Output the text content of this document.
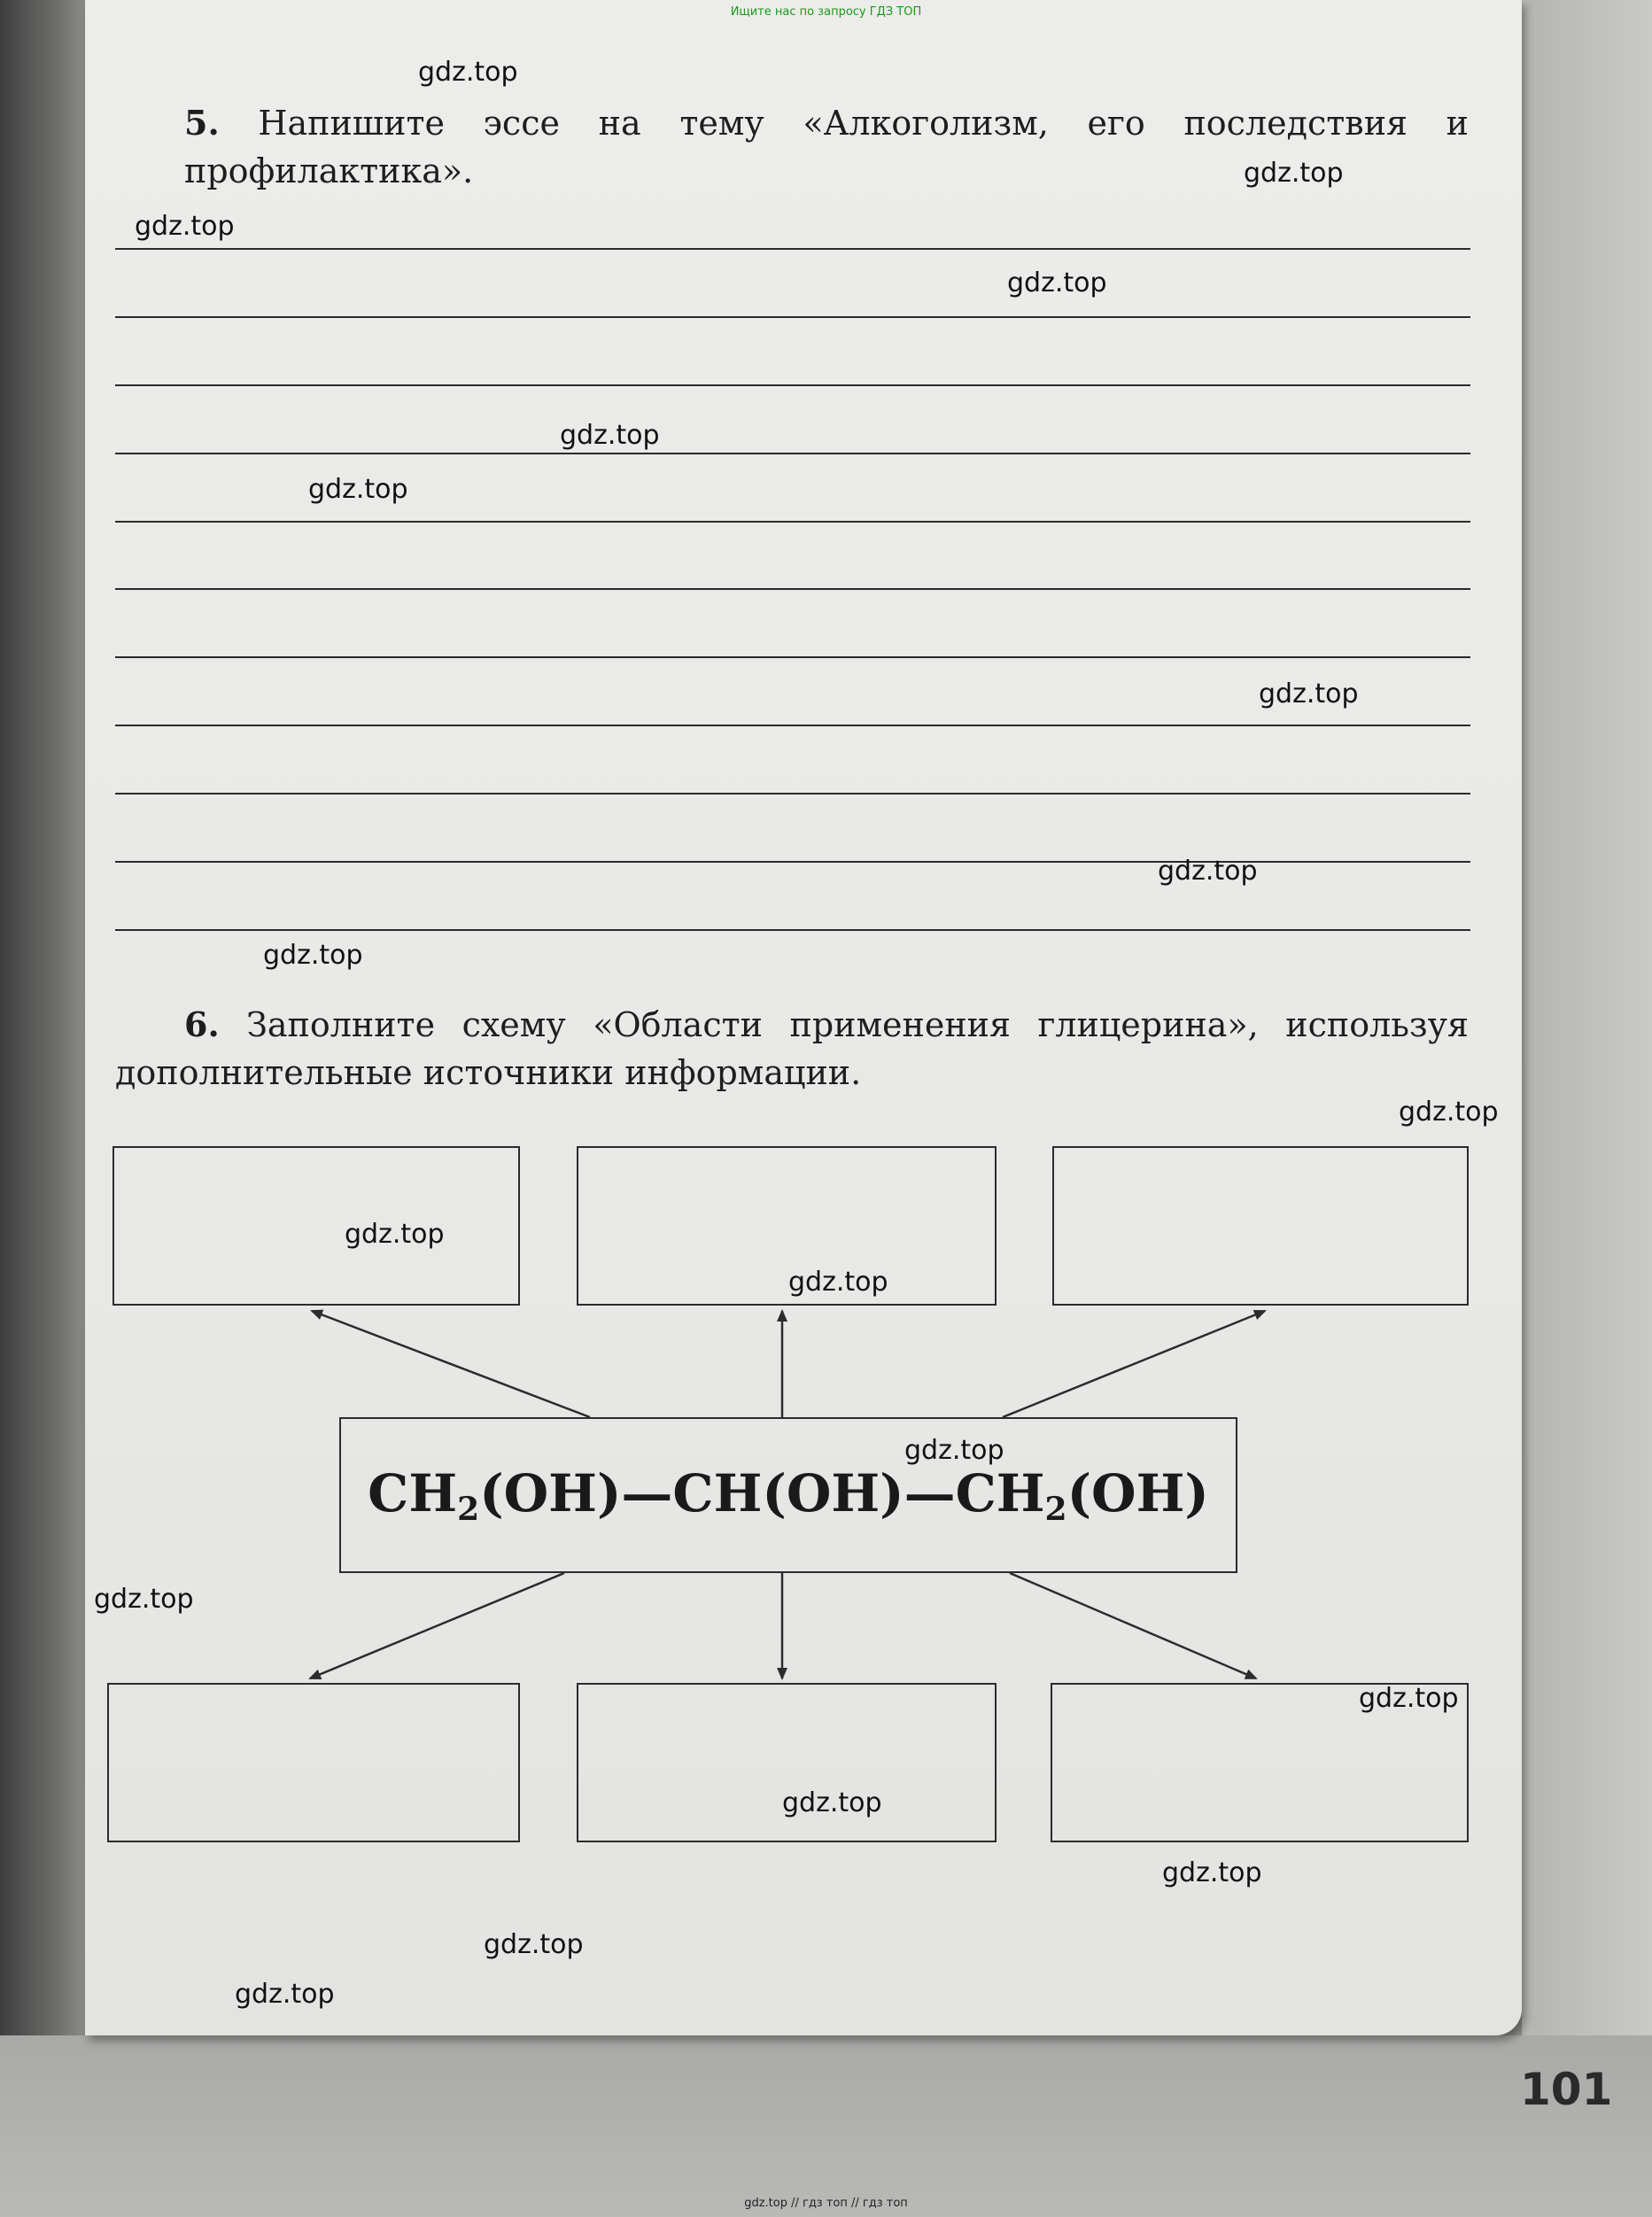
Ищите нас по запросу ГДЗ ТОП
5. Напишите эссе на тему «Алкоголизм, его последствия и профилактика».
6. Заполните схему «Области применения глицерина», используя дополнительные источники информации.
$CH_2(OH)—CH(OH)—CH_2(OH)$
gdz.top
gdz.top
gdz.top
gdz.top
gdz.top
gdz.top
gdz.top
gdz.top
gdz.top
gdz.top
gdz.top
gdz.top
gdz.top
gdz.top
gdz.top
gdz.top
gdz.top
gdz.top
gdz.top
101
gdz.top // гдз топ // гдз топ
